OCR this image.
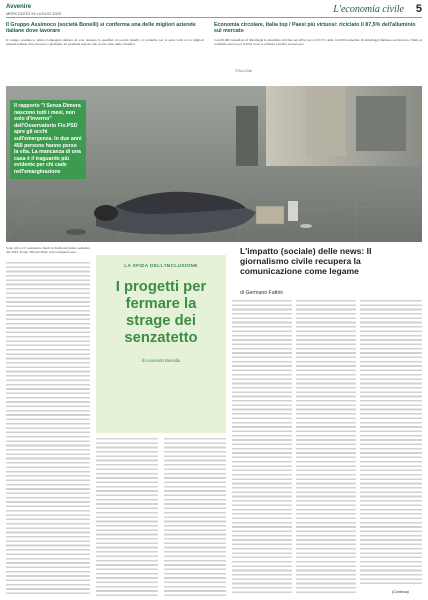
Avvenire
MERCOLEDÌ 19 LUGLIO 2023	L'economia civile 5
Il Gruppo Assimoco (società Bonelli) si conferma una delle migliori aziende italiane dove lavorare
Il Gruppo Assimoco, prima Compagnia italiana ad aver ottenuto la qualifica di società benefit, si conferma per la sesta volta tra le migliori aziende italiane dove lavorare e guadagna 10 posizioni rispetto allo scorso anno nella classifica
Economia circolare, Italia top / Paesi più virtuosi: riciclato il 87,5% dell'alluminio sul mercato
Con 82.000 tonnellate di imballaggi in alluminio riciclate nel 2022, pari al 67,5% delle 122.000 tonnellate di imballaggi immesse sul mercato, l'Italia si conferma ancora per il 2022 tra le eccellenze a livello europeo per
© Eco-Chat
Il rapporto "I Senza Dimora nascono tutti i mesi, non solo d'inverno" dell'Osservatorio Fio.PSD apre gli occhi sull'emergenza. In due anni 450 persone hanno perso la vita. La mancanza di una casa è il traguardo più evidente per chi cade nell'emarginazione
Sono già 4.1l i senzatetto morti in Italia nel primo semestre del 2023. Erano 393 nel 2022. Gli scomparsi sono
LA SFIDA DELL'INCLUSIONE
I progetti per fermare la strage dei senzatetto
di Leonardo Benedia
L'impatto (sociale) delle news: Il giornalismo civile recupera la comunicazione come legame
di Germano Fattini
(Continua)
